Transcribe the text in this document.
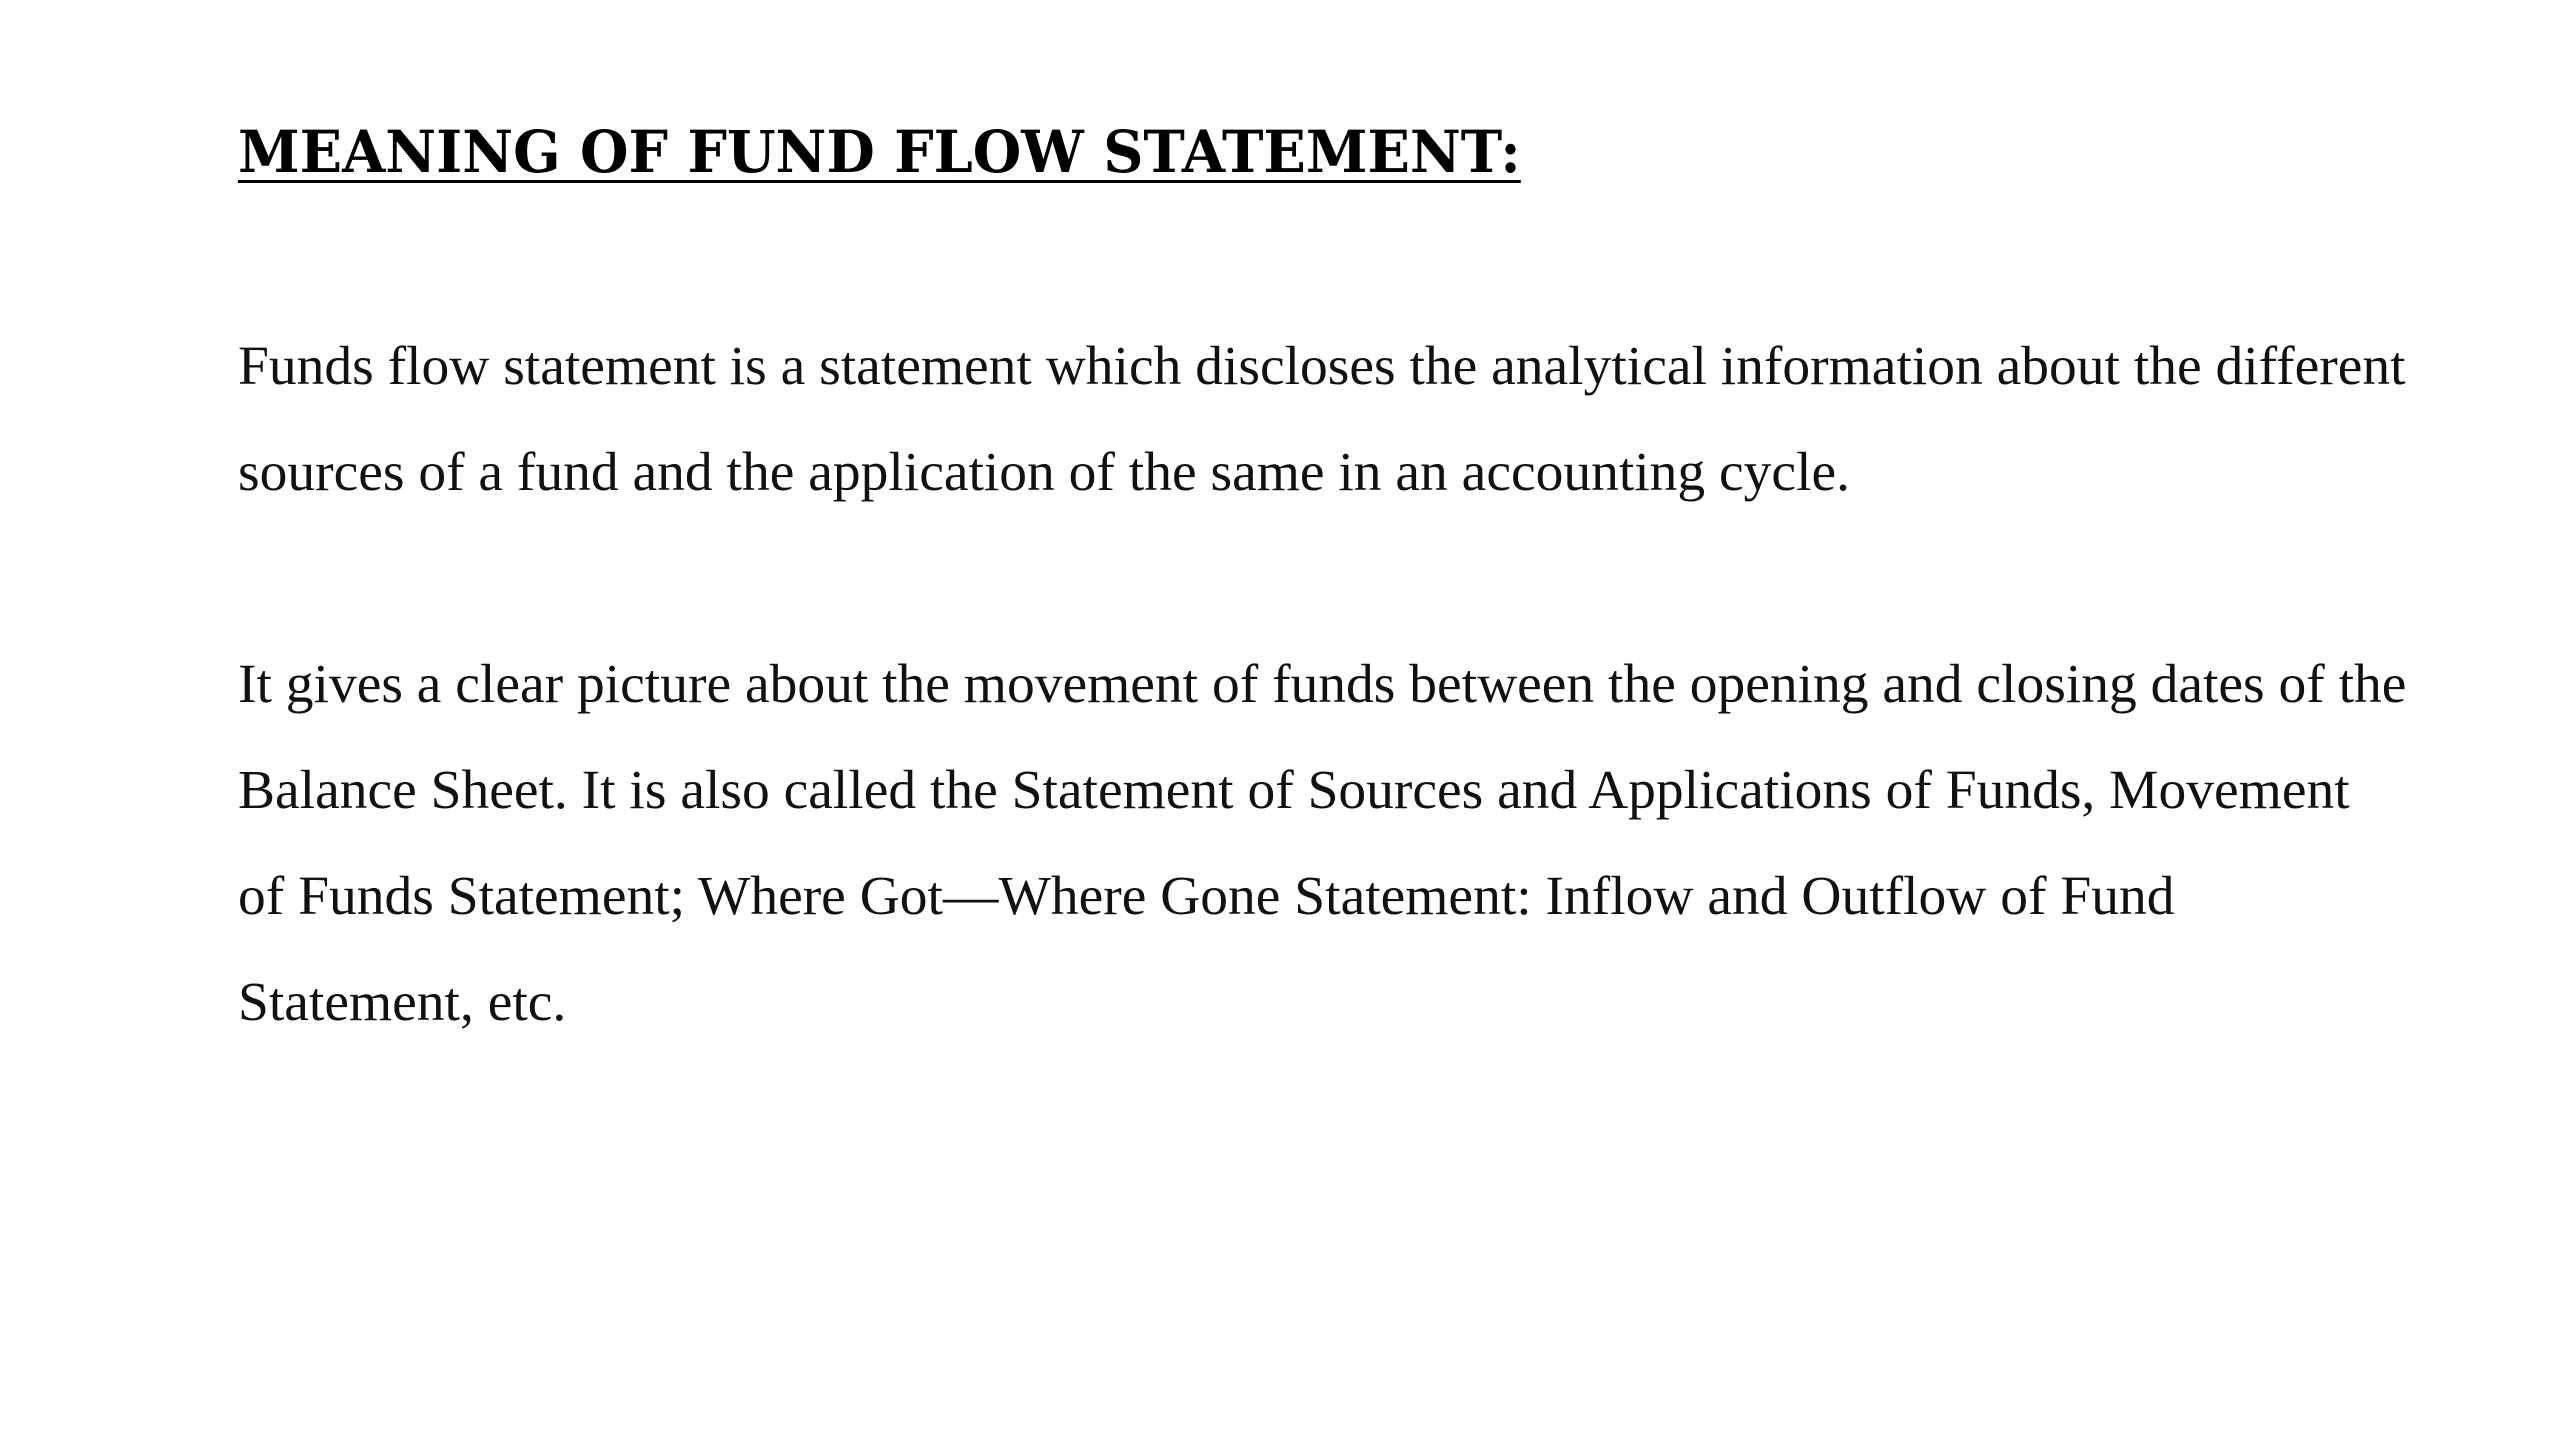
MEANING OF FUND FLOW STATEMENT:

Funds flow statement is a statement which discloses the analytical information about the different sources of a fund and the application of the same in an accounting cycle.

It gives a clear picture about the movement of funds between the opening and closing dates of the Balance Sheet. It is also called the Statement of Sources and Applications of Funds, Movement of Funds Statement; Where Got—Where Gone Statement: Inflow and Outflow of Fund Statement, etc.
